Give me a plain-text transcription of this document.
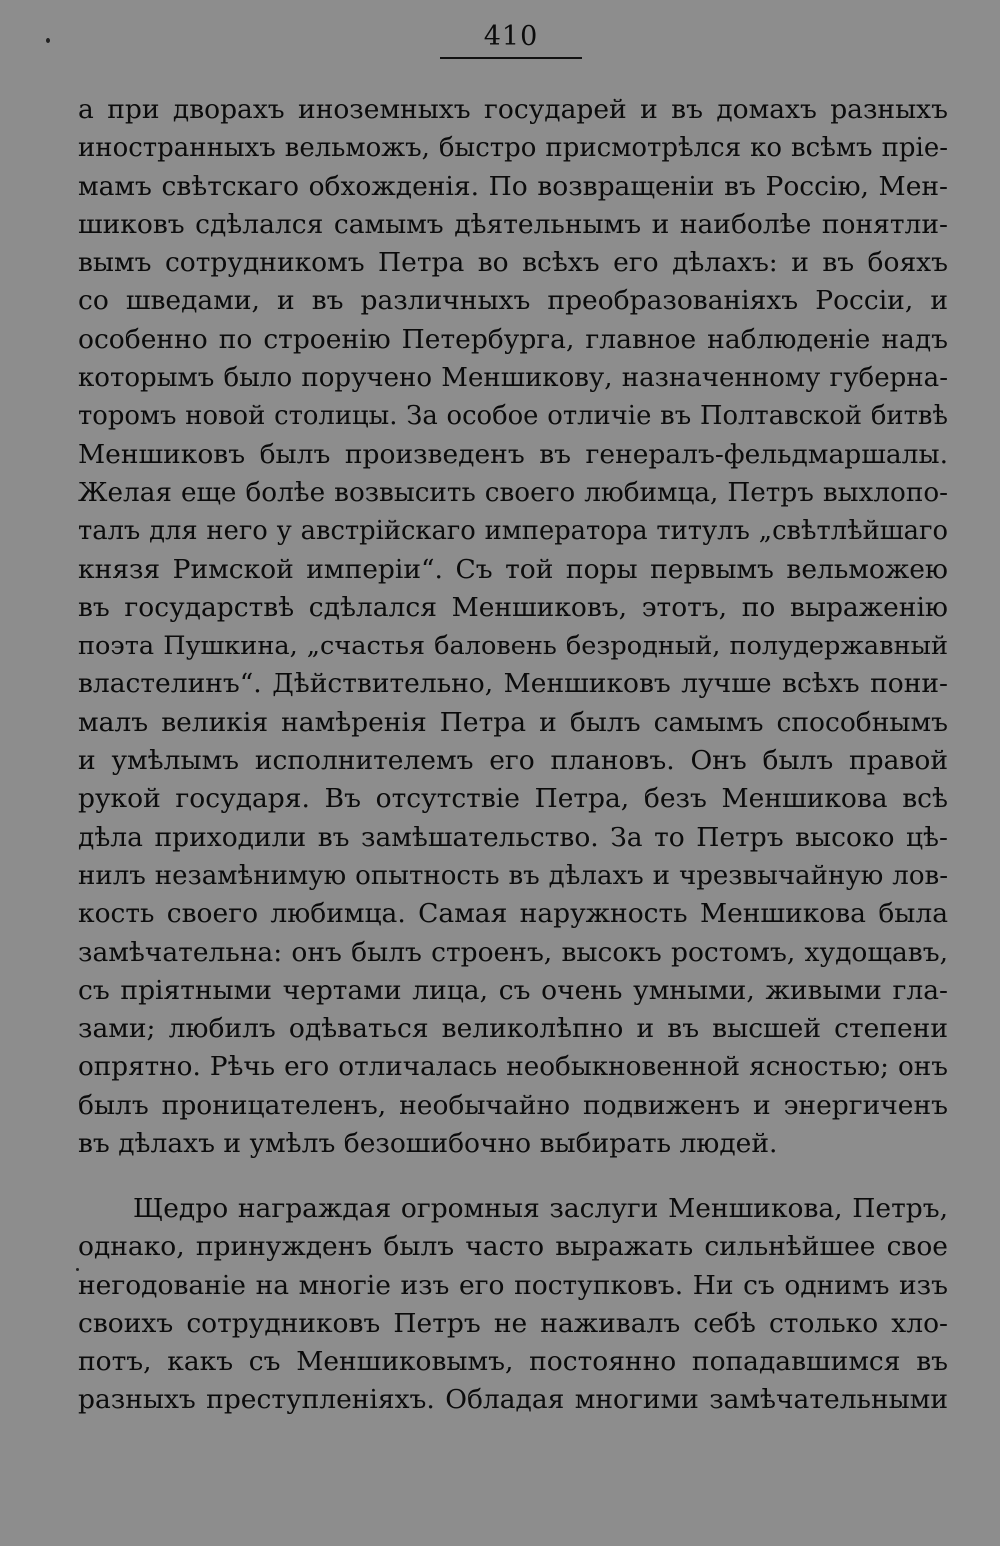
410
а при дворахъ иноземныхъ государей и въ домахъ разныхъ
иностранныхъ вельможъ, быстро присмотрѣлся ко всѣмъ пріе-
мамъ свѣтскаго обхожденія. По возвращеніи въ Россію, Мен-
шиковъ сдѣлался самымъ дѣятельнымъ и наиболѣе понятли-
вымъ сотрудникомъ Петра во всѣхъ его дѣлахъ: и въ бояхъ
со шведами, и въ различныхъ преобразованіяхъ Россіи, и
особенно по строенію Петербурга, главное наблюденіе надъ
которымъ было поручено Меншикову, назначенному губерна-
торомъ новой столицы. За особое отличіе въ Полтавской битвѣ
Меншиковъ былъ произведенъ въ генералъ-фельдмаршалы.
Желая еще болѣе возвысить своего любимца, Петръ выхлопо-
талъ для него у австрійскаго императора титулъ „свѣтлѣйшаго
князя Римской имперіи“. Съ той поры первымъ вельможею
въ государствѣ сдѣлался Меншиковъ, этотъ, по выраженію
поэта Пушкина, „счастья баловень безродный, полудержавный
властелинъ“. Дѣйствительно, Меншиковъ лучше всѣхъ пони-
малъ великія намѣренія Петра и былъ самымъ способнымъ
и умѣлымъ исполнителемъ его плановъ. Онъ былъ правой
рукой государя. Въ отсутствіе Петра, безъ Меншикова всѣ
дѣла приходили въ замѣшательство. За то Петръ высоко цѣ-
нилъ незамѣнимую опытность въ дѣлахъ и чрезвычайную лов-
кость своего любимца. Самая наружность Меншикова была
замѣчательна: онъ былъ строенъ, высокъ ростомъ, худощавъ,
съ пріятными чертами лица, съ очень умными, живыми гла-
зами; любилъ одѣваться великолѣпно и въ высшей степени
опрятно. Рѣчь его отличалась необыкновенной ясностью; онъ
былъ проницателенъ, необычайно подвиженъ и энергиченъ
въ дѣлахъ и умѣлъ безошибочно выбирать людей.
Щедро награждая огромныя заслуги Меншикова, Петръ,
однако, принужденъ былъ часто выражать сильнѣйшее свое
негодованіе на многіе изъ его поступковъ. Ни съ однимъ изъ
своихъ сотрудниковъ Петръ не наживалъ себѣ столько хло-
потъ, какъ съ Меншиковымъ, постоянно попадавшимся въ
разныхъ преступленіяхъ. Обладая многими замѣчательными
